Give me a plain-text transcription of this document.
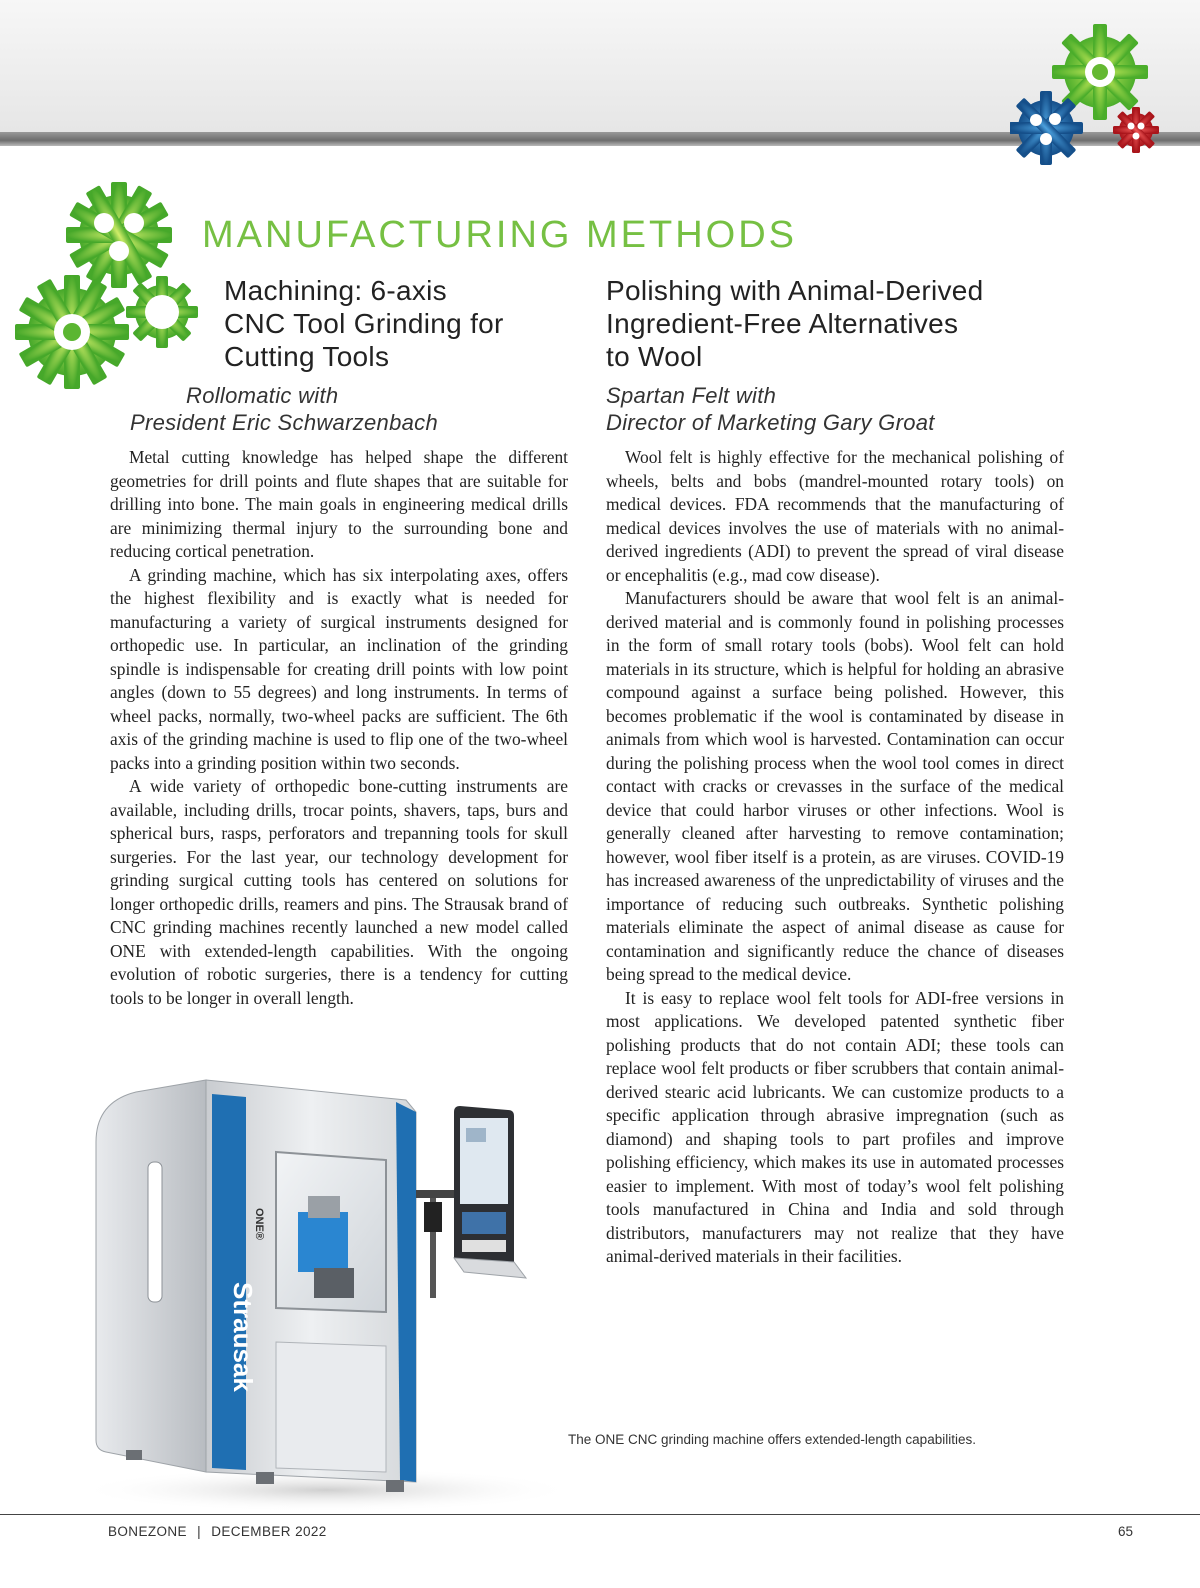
MANUFACTURING METHODS
Machining: 6-axis
CNC Tool Grinding for
Cutting Tools
Rollomatic with
President Eric Schwarzenbach

Metal cutting knowledge has helped shape the different geometries for drill points and flute shapes that are suitable for drilling into bone. The main goals in engineering medical drills are minimizing thermal injury to the surrounding bone and reducing cortical penetration.

A grinding machine, which has six interpolating axes, offers the highest flexibility and is exactly what is needed for manufacturing a variety of surgical instruments designed for orthopedic use. In particular, an inclination of the grinding spindle is indispensable for creating drill points with low point angles (down to 55 degrees) and long instruments. In terms of wheel packs, normally, two-wheel packs are sufficient. The 6th axis of the grinding machine is used to flip one of the two-wheel packs into a grinding position within two seconds.

A wide variety of orthopedic bone-cutting instruments are available, including drills, trocar points, shavers, taps, burs and spherical burs, rasps, perforators and trepanning tools for skull surgeries. For the last year, our technology development for grinding surgical cutting tools has centered on solutions for longer orthopedic drills, reamers and pins. The Strausak brand of CNC grinding machines recently launched a new model called ONE with extended-length capabilities. With the ongoing evolution of robotic surgeries, there is a tendency for cutting tools to be longer in overall length.

Polishing with Animal-Derived
Ingredient-Free Alternatives
to Wool
Spartan Felt with
Director of Marketing Gary Groat

Wool felt is highly effective for the mechanical polishing of wheels, belts and bobs (mandrel-mounted rotary tools) on medical devices. FDA recommends that the manufacturing of medical devices involves the use of materials with no animal-derived ingredients (ADI) to prevent the spread of viral disease or encephalitis (e.g., mad cow disease).

Manufacturers should be aware that wool felt is an animal-derived material and is commonly found in polishing processes in the form of small rotary tools (bobs). Wool felt can hold materials in its structure, which is helpful for holding an abrasive compound against a surface being polished. However, this becomes problematic if the wool is contaminated by disease in animals from which wool is harvested. Contamination can occur during the polishing process when the wool tool comes in direct contact with cracks or crevasses in the surface of the medical device that could harbor viruses or other infections. Wool is generally cleaned after harvesting to remove contamination; however, wool fiber itself is a protein, as are viruses. COVID-19 has increased awareness of the unpredictability of viruses and the importance of reducing such outbreaks. Synthetic polishing materials eliminate the aspect of animal disease as cause for contamination and significantly reduce the chance of diseases being spread to the medical device.

It is easy to replace wool felt tools for ADI-free versions in most applications. We developed patented synthetic fiber polishing products that do not contain ADI; these tools can replace wool felt products or fiber scrubbers that contain animal-derived stearic acid lubricants. We can customize products to a specific application through abrasive impregnation (such as diamond) and shaping tools to part profiles and improve polishing efficiency, which makes its use in automated processes easier to implement. With most of today’s wool felt polishing tools manufactured in China and India and sold through distributors, manufacturers may not realize that they have animal-derived materials in their facilities.

Strausak
ONE®
The ONE CNC grinding machine offers extended-length capabilities.
BONEZONE | DECEMBER 2022	65
